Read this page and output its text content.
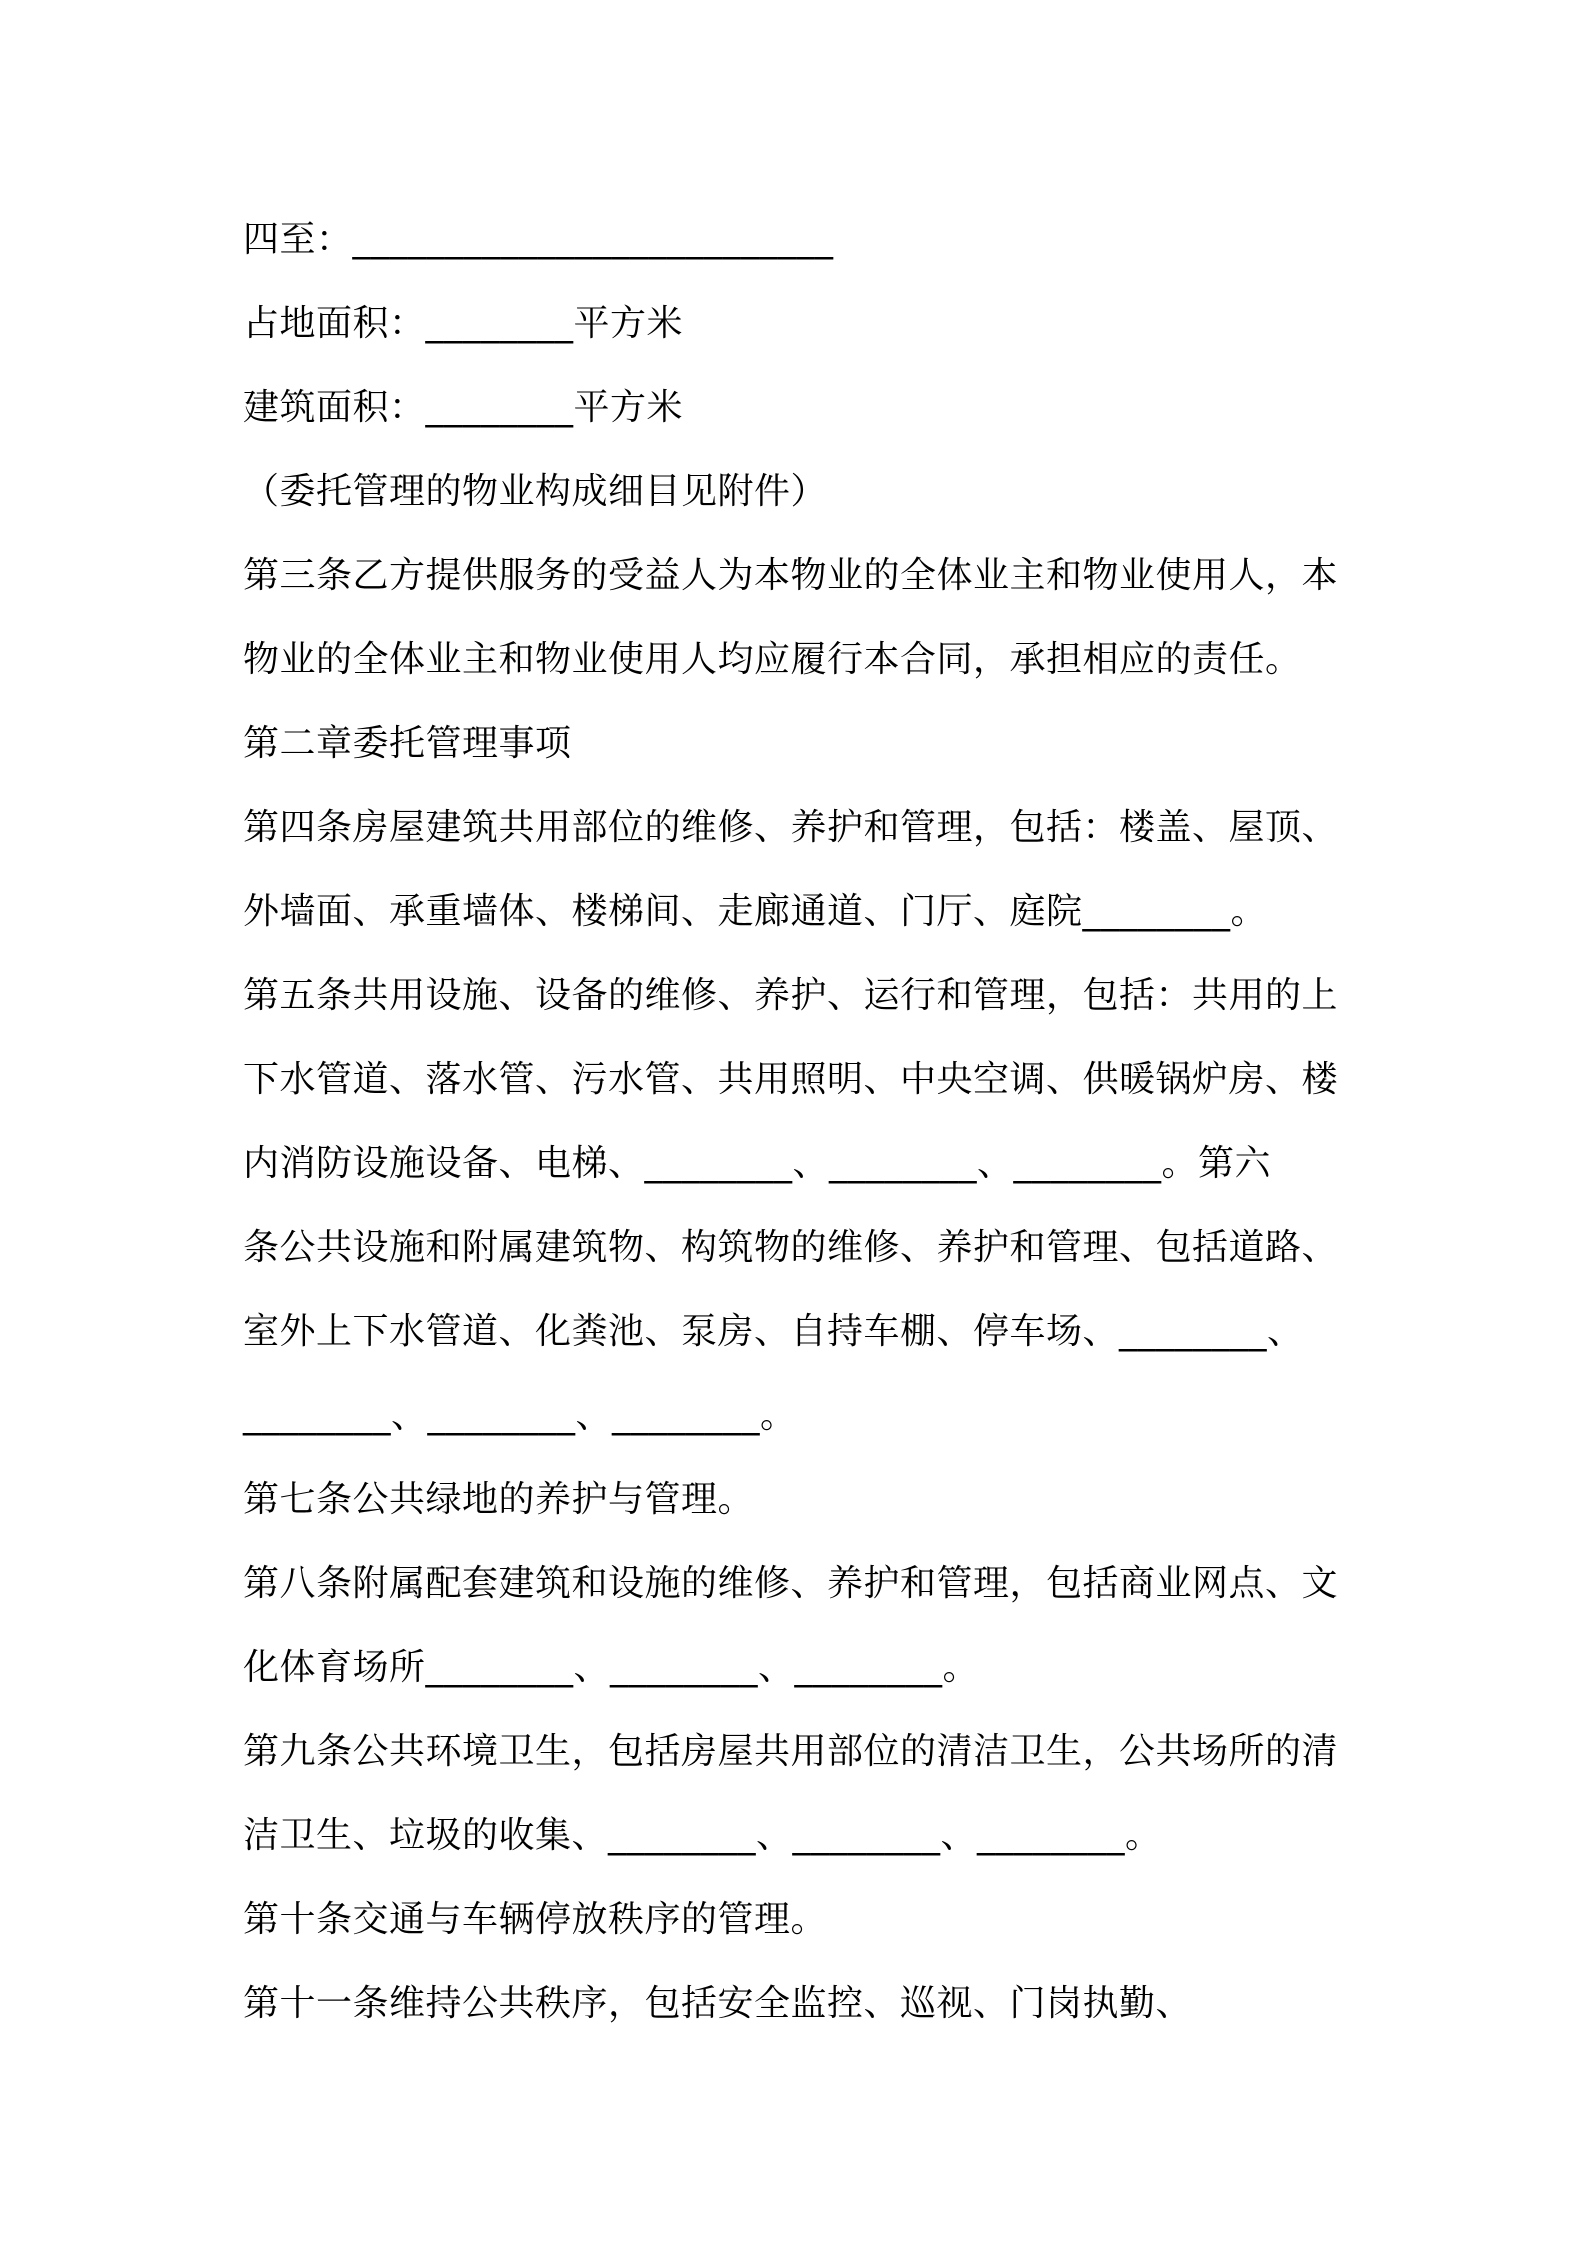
四至：__________________________
占地面积：________平方米
建筑面积：________平方米
（委托管理的物业构成细目见附件）
第三条乙方提供服务的受益人为本物业的全体业主和物业使用人，本
物业的全体业主和物业使用人均应履行本合同，承担相应的责任。
第二章委托管理事项
第四条房屋建筑共用部位的维修、养护和管理，包括：楼盖、屋顶、
外墙面、承重墙体、楼梯间、走廊通道、门厅、庭院________。
第五条共用设施、设备的维修、养护、运行和管理，包括：共用的上
下水管道、落水管、污水管、共用照明、中央空调、供暖锅炉房、楼
内消防设施设备、电梯、________、________、________。第六
条公共设施和附属建筑物、构筑物的维修、养护和管理、包括道路、
室外上下水管道、化粪池、泵房、自持车棚、停车场、________、
________、________、________。
第七条公共绿地的养护与管理。
第八条附属配套建筑和设施的维修、养护和管理，包括商业网点、文
化体育场所________、________、________。
第九条公共环境卫生，包括房屋共用部位的清洁卫生，公共场所的清
洁卫生、垃圾的收集、________、________、________。
第十条交通与车辆停放秩序的管理。
第十一条维持公共秩序，包括安全监控、巡视、门岗执勤、
